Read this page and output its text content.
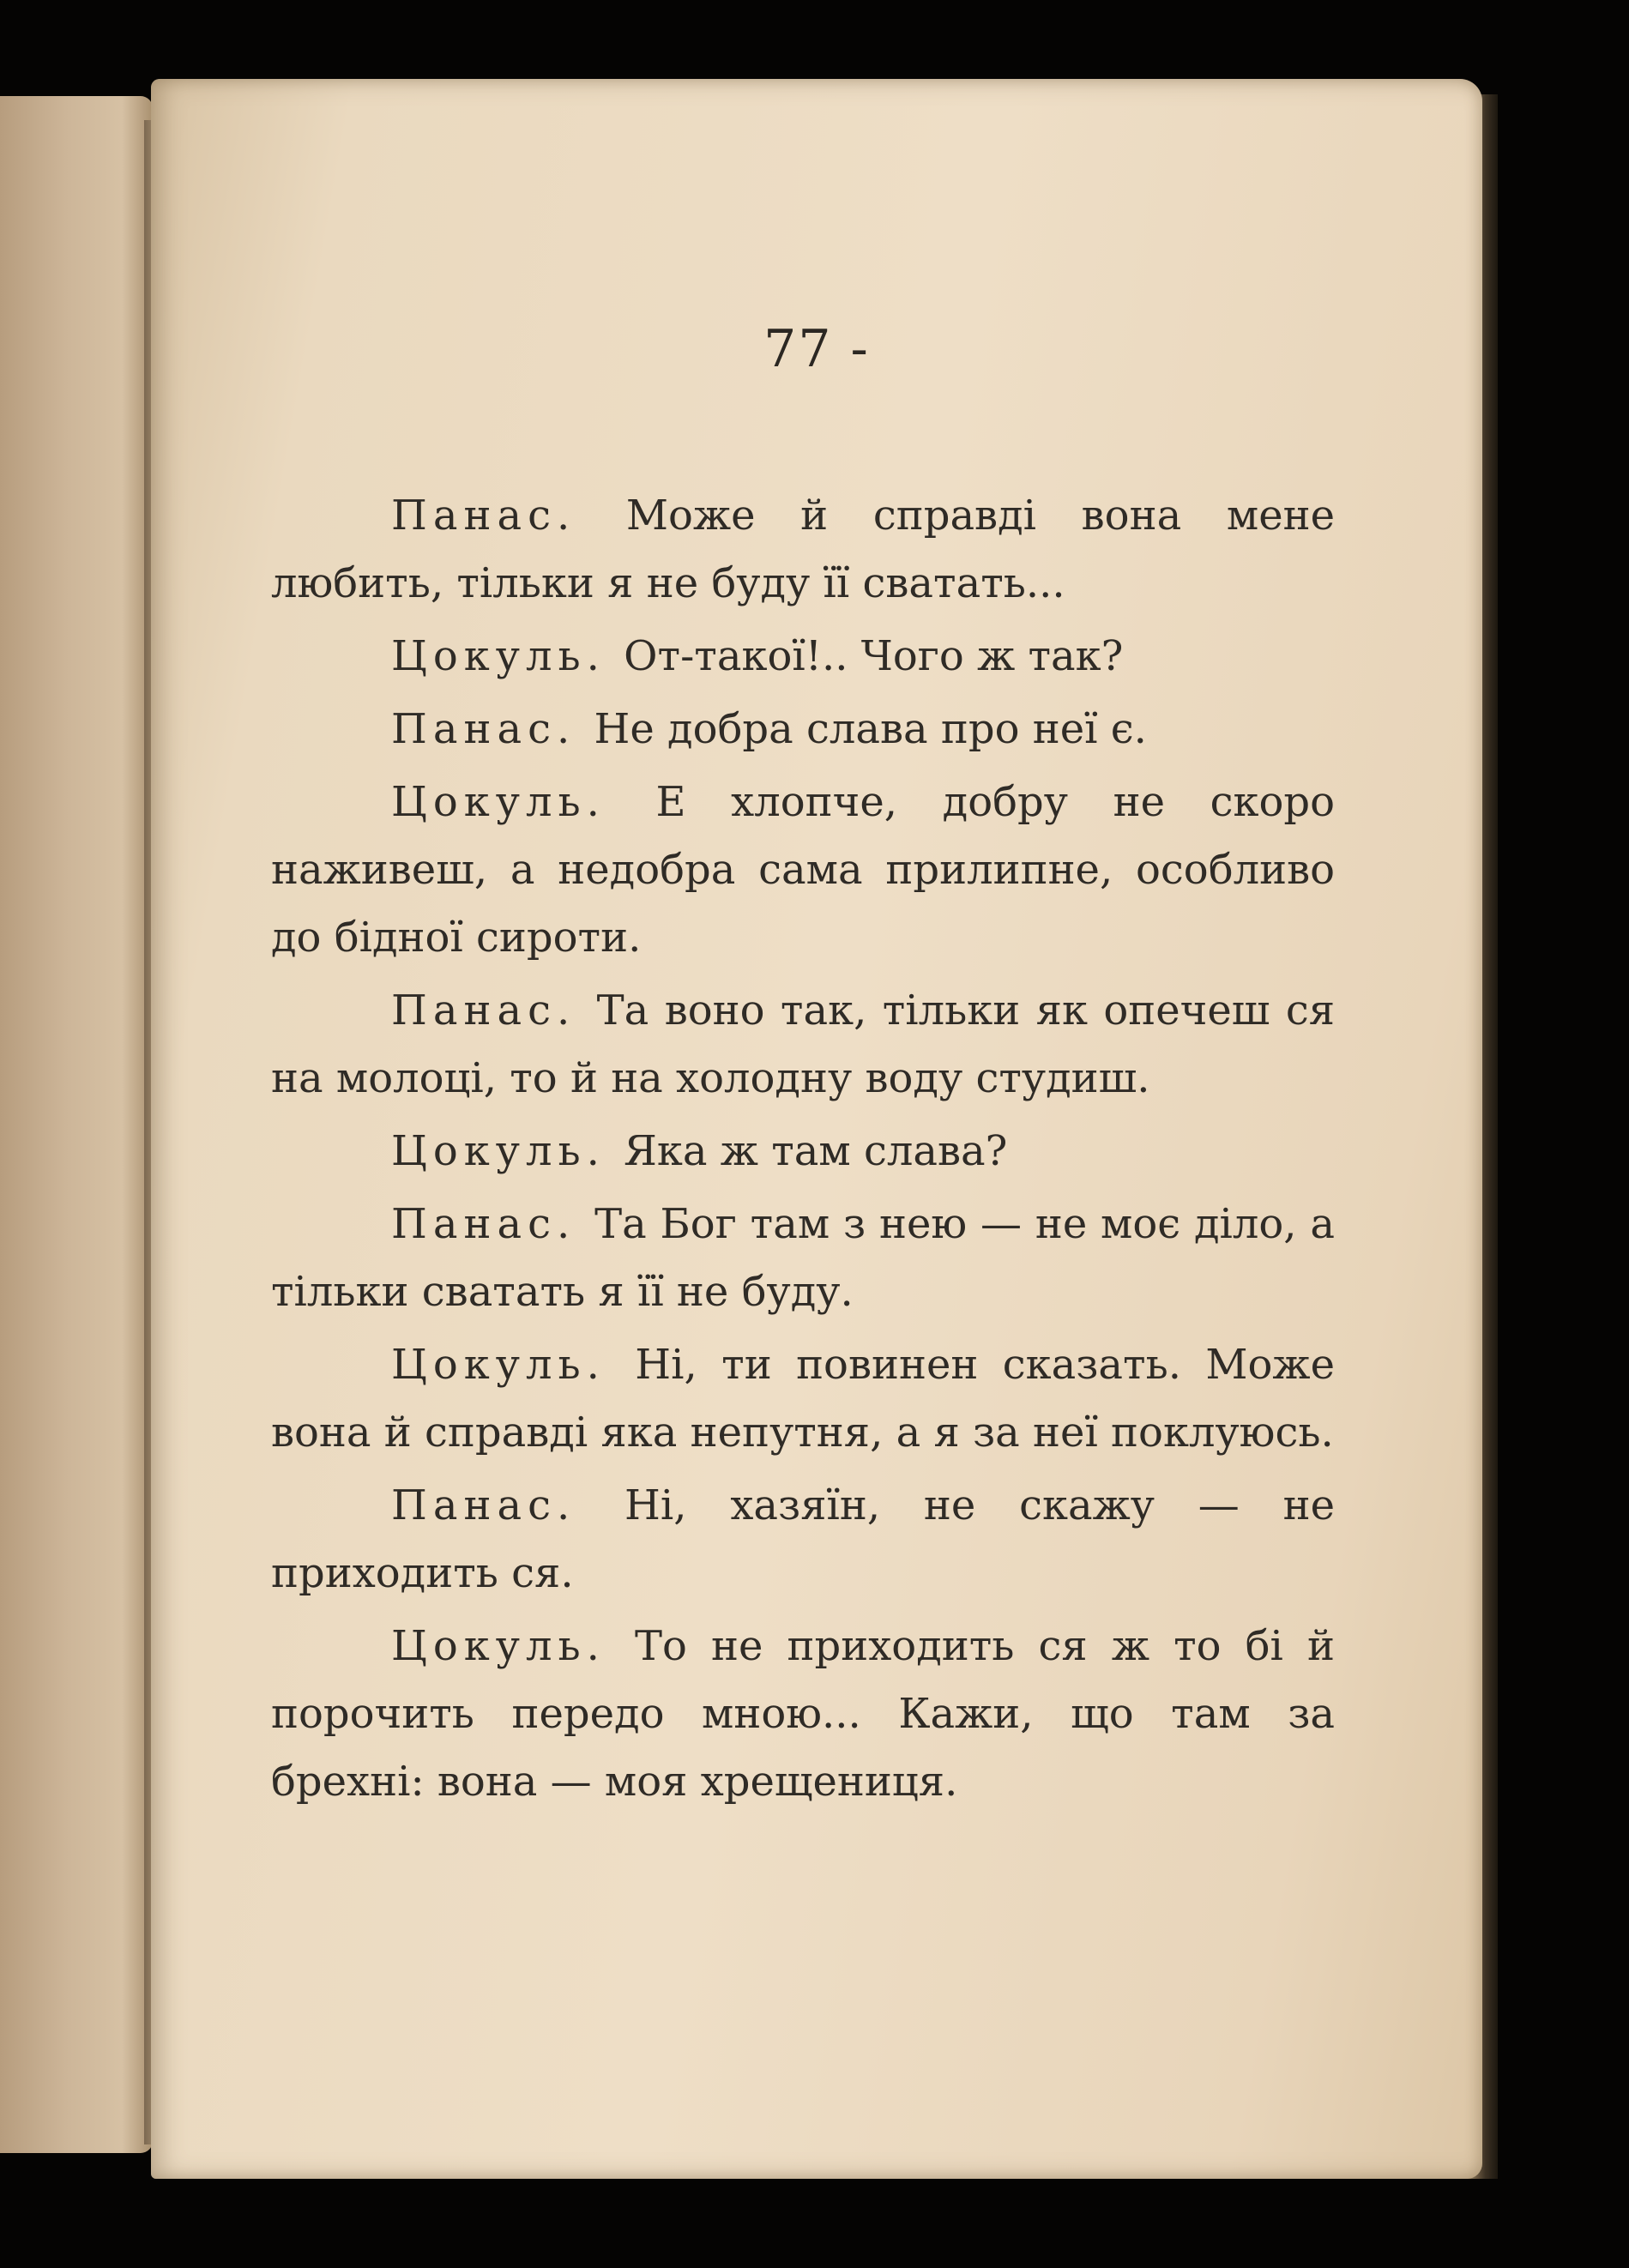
77 -

Панас. Може й справді вона мене любить, тільки я не буду її сватать...

Цокуль. От-такої!.. Чого ж так?

Панас. Не добра слава про неї є.

Цокуль. Е хлопче, добру не скоро наживеш, а недобра сама прилипне, особливо до бідної сироти.

Панас. Та воно так, тільки як опечеш ся на молоці, то й на холодну воду студиш.

Цокуль. Яка ж там слава?

Панас. Та Бог там з нею — не моє діло, а тільки сватать я її не буду.

Цокуль. Ні, ти повинен сказать. Може вона й справді яка непутня, а я за неї поклуюсь.

Панас. Ні, хазяїн, не скажу — не приходить ся.

Цокуль. То не приходить ся ж то бі й порочить передо мною... Кажи, що там за брехні: вона — моя хрещениця.
